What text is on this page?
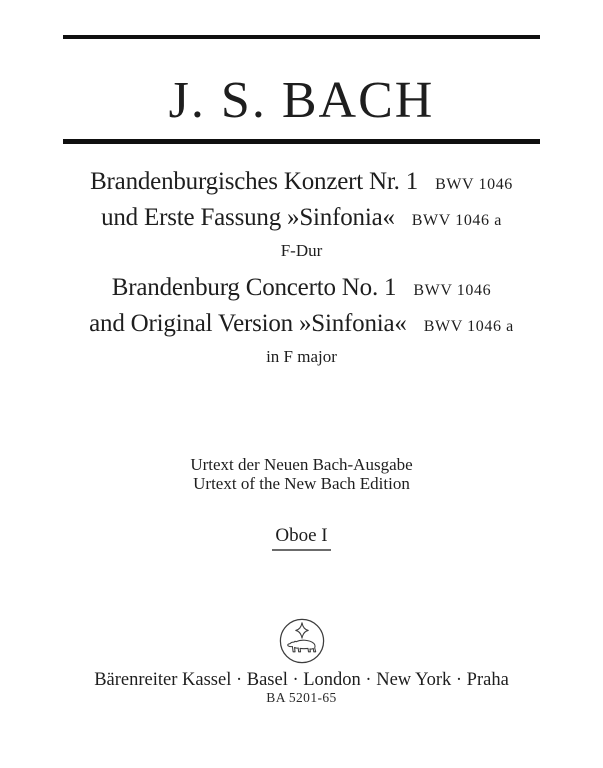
J. S. BACH
Brandenburgisches Konzert Nr. 1 BWV 1046
und Erste Fassung »Sinfonia« BWV 1046 a
F-Dur
Brandenburg Concerto No. 1 BWV 1046
and Original Version »Sinfonia« BWV 1046 a
in F major
Urtext der Neuen Bach-Ausgabe
Urtext of the New Bach Edition
Oboe I
Bärenreiter Kassel · Basel · London · New York · Praha
BA 5201-65
